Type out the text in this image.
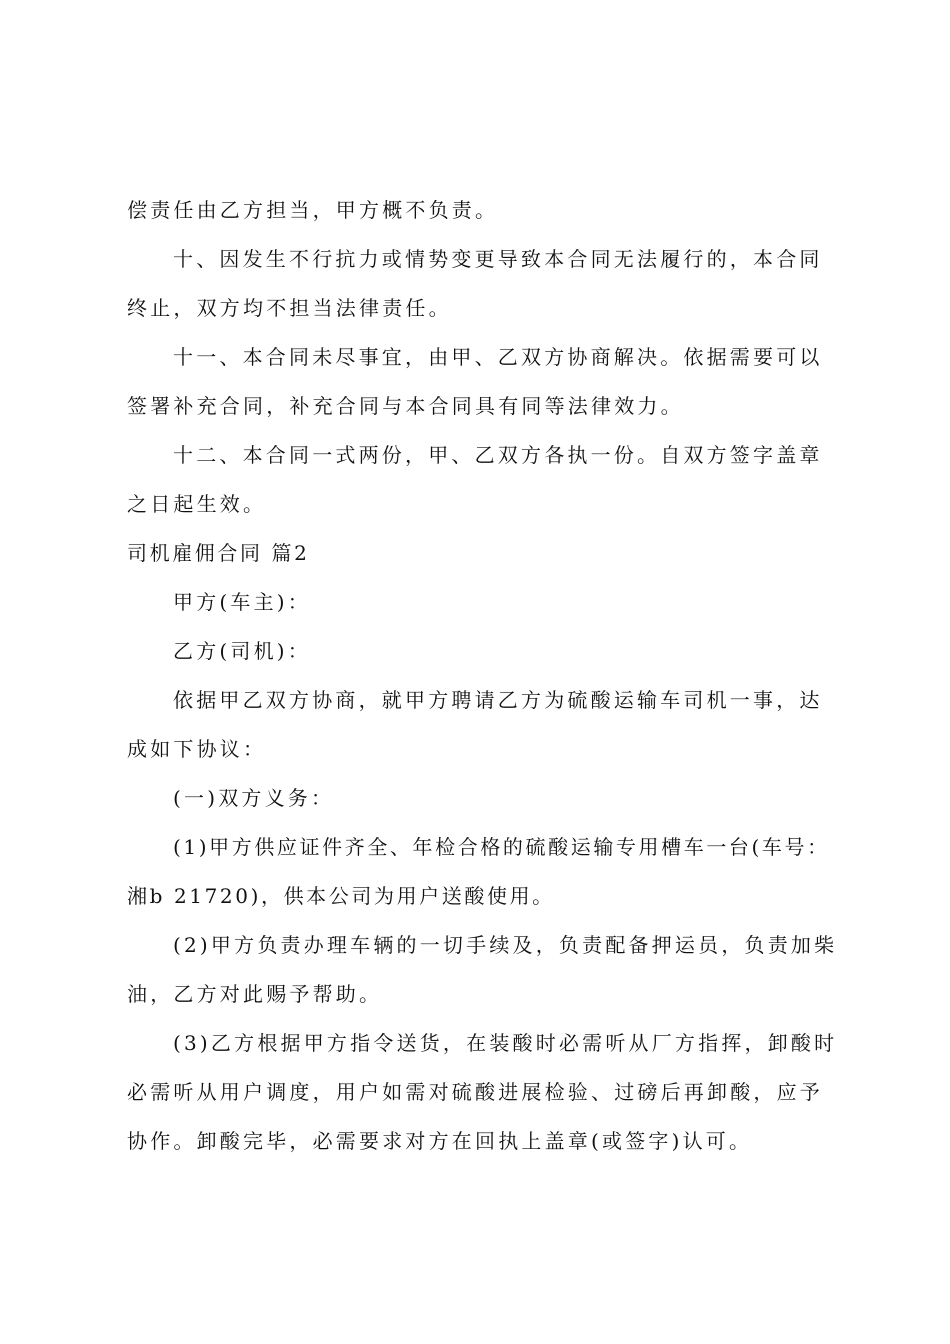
偿责任由乙方担当，甲方概不负责。

十、因发生不行抗力或情势变更导致本合同无法履行的，本合同终止，双方均不担当法律责任。

十一、本合同未尽事宜，由甲、乙双方协商解决。依据需要可以签署补充合同，补充合同与本合同具有同等法律效力。

十二、本合同一式两份，甲、乙双方各执一份。自双方签字盖章之日起生效。

司机雇佣合同 篇2

甲方(车主)：

乙方(司机)：

依据甲乙双方协商，就甲方聘请乙方为硫酸运输车司机一事，达成如下协议：

(一)双方义务：

(1)甲方供应证件齐全、年检合格的硫酸运输专用槽车一台(车号：湘b 21720)，供本公司为用户送酸使用。

(2)甲方负责办理车辆的一切手续及，负责配备押运员，负责加柴油，乙方对此赐予帮助。

(3)乙方根据甲方指令送货，在装酸时必需听从厂方指挥，卸酸时必需听从用户调度，用户如需对硫酸进展检验、过磅后再卸酸，应予协作。卸酸完毕，必需要求对方在回执上盖章(或签字)认可。
